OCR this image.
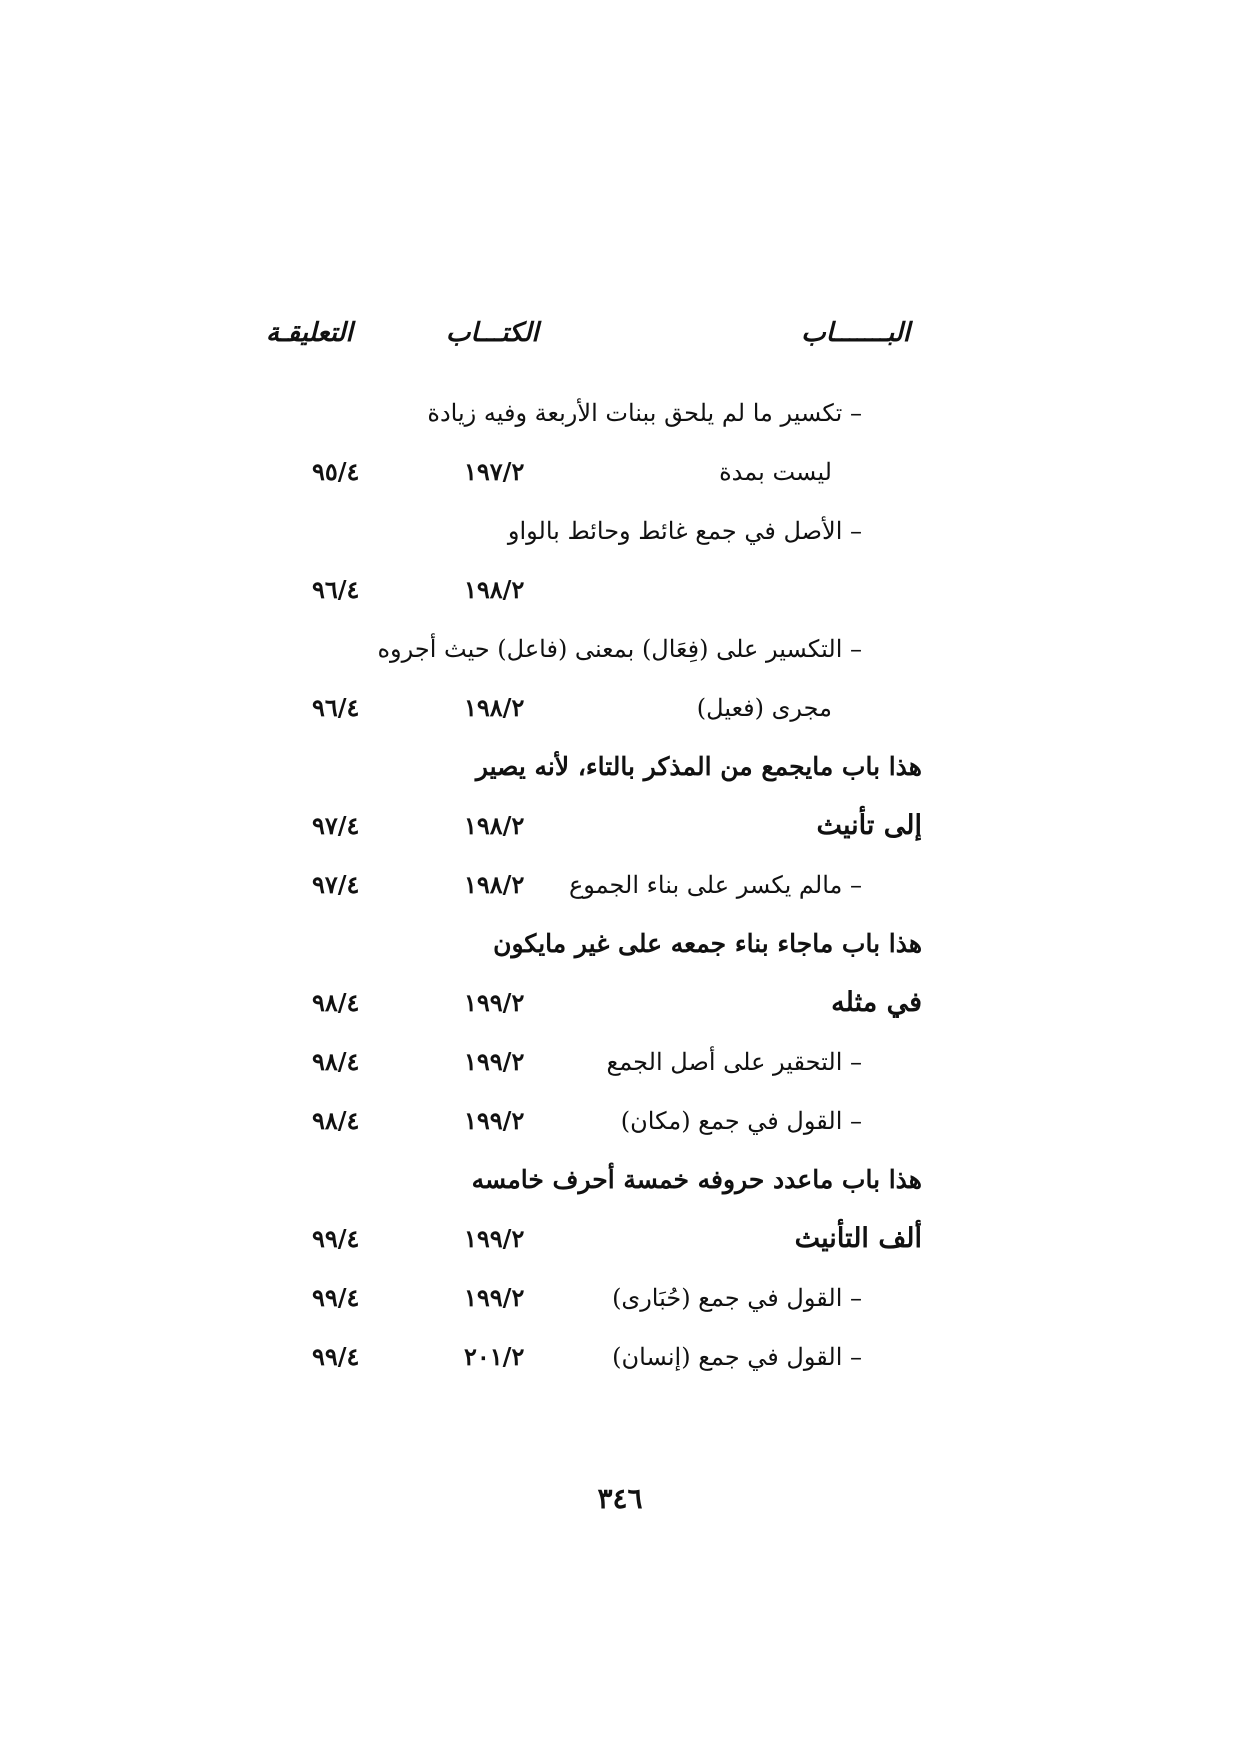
البـــــــاب
الكتـــاب
التعليقـة
– تكسير ما لم يلحق ببنات الأربعة وفيه زيادة
ليست بمدة
١٩٧/٢
٩٥/٤
– الأصل في جمع غائط وحائط بالواو
١٩٨/٢
٩٦/٤
– التكسير على (فِعَال) بمعنى (فاعل) حيث أجروه
مجرى (فعيل)
١٩٨/٢
٩٦/٤
هذا باب مايجمع من المذكر بالتاء، لأنه يصير
إلى تأنيث
١٩٨/٢
٩٧/٤
– مالم يكسر على بناء الجموع
١٩٨/٢
٩٧/٤
هذا باب ماجاء بناء جمعه على غير مايكون
في مثله
١٩٩/٢
٩٨/٤
– التحقير على أصل الجمع
١٩٩/٢
٩٨/٤
– القول في جمع (مكان)
١٩٩/٢
٩٨/٤
هذا باب ماعدد حروفه خمسة أحرف خامسه
ألف التأنيث
١٩٩/٢
٩٩/٤
– القول في جمع (حُبَارى)
١٩٩/٢
٩٩/٤
– القول في جمع (إنسان)
٢٠١/٢
٩٩/٤
٣٤٦
